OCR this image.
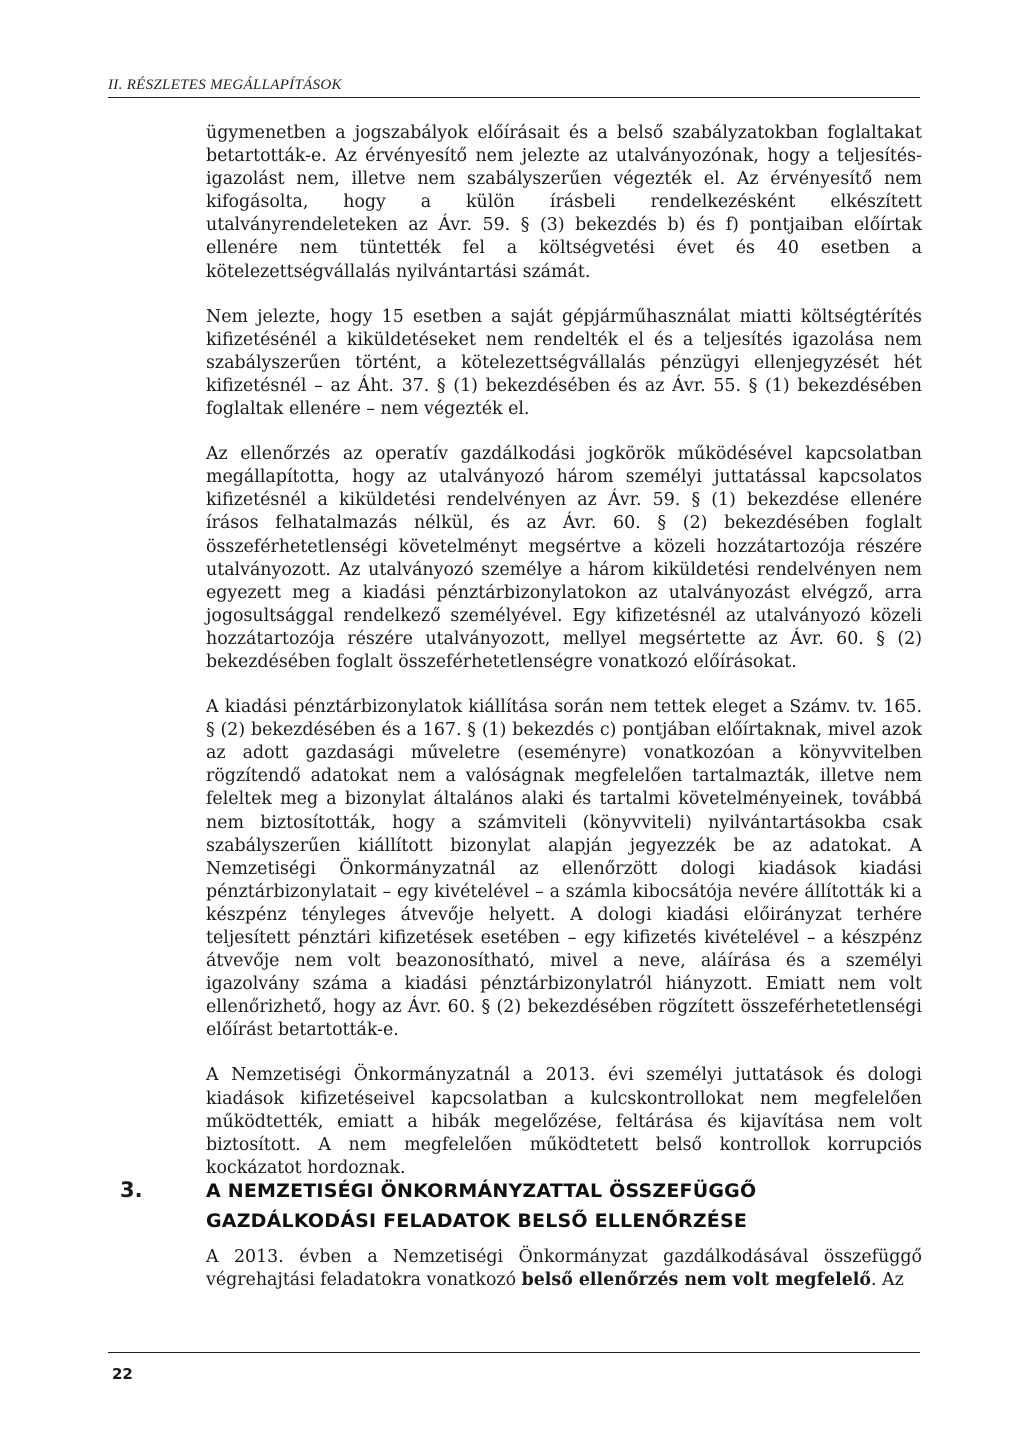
II. RÉSZLETES MEGÁLLAPÍTÁSOK

ügymenetben a jogszabályok előírásait és a belső szabályzatokban foglaltakat betartották-e. Az érvényesítő nem jelezte az utalványozónak, hogy a teljesítés-igazolást nem, illetve nem szabályszerűen végezték el. Az érvényesítő nem kifogásolta, hogy a külön írásbeli rendelkezésként elkészített utalványrendeleteken az Ávr. 59. § (3) bekezdés b) és f) pontjaiban előírtak ellenére nem tüntették fel a költségvetési évet és 40 esetben a kötelezettségvállalás nyilvántartási számát.

Nem jelezte, hogy 15 esetben a saját gépjárműhasználat miatti költségtérítés kifizetésénél a kiküldetéseket nem rendelték el és a teljesítés igazolása nem szabályszerűen történt, a kötelezettségvállalás pénzügyi ellenjegyzését hét kifizetésnél – az Áht. 37. § (1) bekezdésében és az Ávr. 55. § (1) bekezdésében foglaltak ellenére – nem végezték el.

Az ellenőrzés az operatív gazdálkodási jogkörök működésével kapcsolatban megállapította, hogy az utalványozó három személyi juttatással kapcsolatos kifizetésnél a kiküldetési rendelvényen az Ávr. 59. § (1) bekezdése ellenére írásos felhatalmazás nélkül, és az Ávr. 60. § (2) bekezdésében foglalt összeférhetetlenségi követelményt megsértve a közeli hozzátartozója részére utalványozott. Az utalványozó személye a három kiküldetési rendelvényen nem egyezett meg a kiadási pénztárbizonylatokon az utalványozást elvégző, arra jogosultsággal rendelkező személyével. Egy kifizetésnél az utalványozó közeli hozzátartozója részére utalványozott, mellyel megsértette az Ávr. 60. § (2) bekezdésében foglalt összeférhetetlenségre vonatkozó előírásokat.

A kiadási pénztárbizonylatok kiállítása során nem tettek eleget a Számv. tv. 165. § (2) bekezdésében és a 167. § (1) bekezdés c) pontjában előírtaknak, mivel azok az adott gazdasági műveletre (eseményre) vonatkozóan a könyvvitelben rögzítendő adatokat nem a valóságnak megfelelően tartalmazták, illetve nem feleltek meg a bizonylat általános alaki és tartalmi követelményeinek, továbbá nem biztosították, hogy a számviteli (könyvviteli) nyilvántartásokba csak szabályszerűen kiállított bizonylat alapján jegyezzék be az adatokat. A Nemzetiségi Önkormányzatnál az ellenőrzött dologi kiadások kiadási pénztárbizonylatait – egy kivételével – a számla kibocsátója nevére állították ki a készpénz tényleges átvevője helyett. A dologi kiadási előirányzat terhére teljesített pénztári kifizetések esetében – egy kifizetés kivételével – a készpénz átvevője nem volt beazonosítható, mivel a neve, aláírása és a személyi igazolvány száma a kiadási pénztárbizonylatról hiányzott. Emiatt nem volt ellenőrizhető, hogy az Ávr. 60. § (2) bekezdésében rögzített összeférhetetlenségi előírást betartották-e.

A Nemzetiségi Önkormányzatnál a 2013. évi személyi juttatások és dologi kiadások kifizetéseivel kapcsolatban a kulcskontrollokat nem megfelelően működtették, emiatt a hibák megelőzése, feltárása és kijavítása nem volt biztosított. A nem megfelelően működtetett belső kontrollok korrupciós kockázatot hordoznak.

3.	A NEMZETISÉGI ÖNKORMÁNYZATTAL ÖSSZEFÜGGŐ GAZDÁLKODÁSI FELADATOK BELSŐ ELLENŐRZÉSE

A 2013. évben a Nemzetiségi Önkormányzat gazdálkodásával összefüggő végrehajtási feladatokra vonatkozó belső ellenőrzés nem volt megfelelő. Az

22
